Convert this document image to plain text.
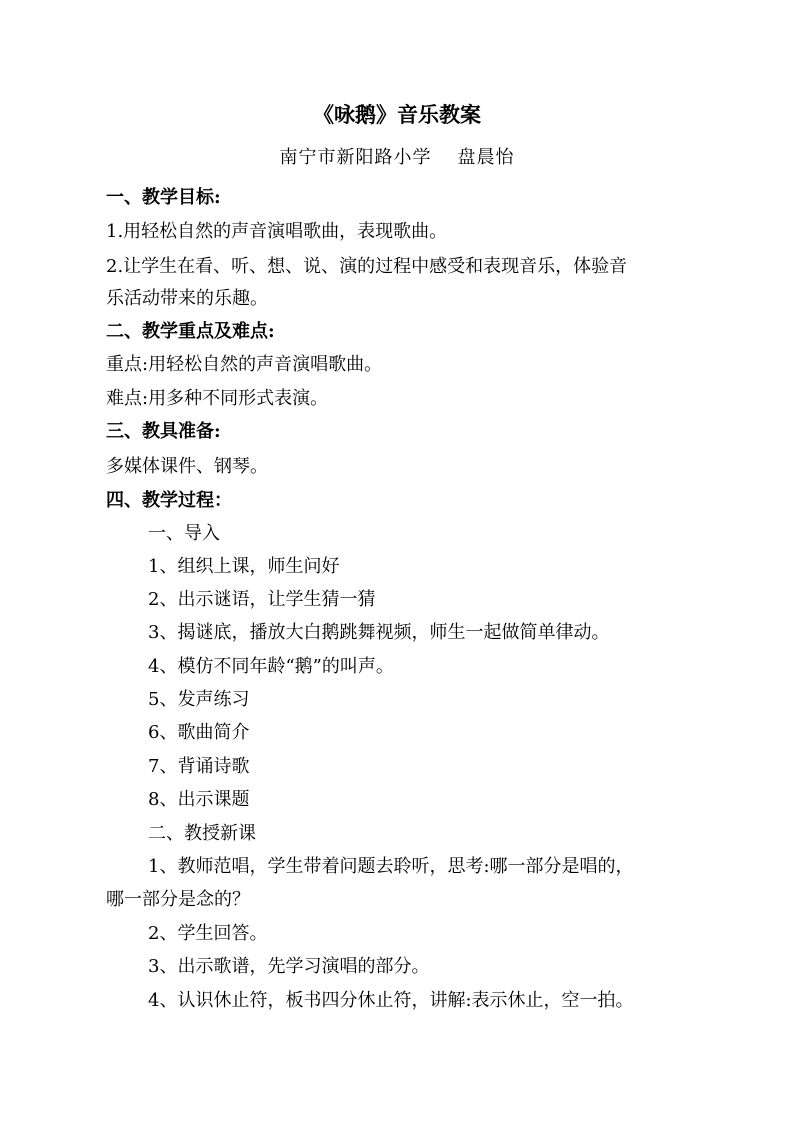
《咏鹅》音乐教案
南宁市新阳路小学 盘晨怡
一、教学目标:
1.用轻松自然的声音演唱歌曲，表现歌曲。
2.让学生在看、听、想、说、演的过程中感受和表现音乐，体验音
乐活动带来的乐趣。
二、教学重点及难点:
重点:用轻松自然的声音演唱歌曲。
难点:用多种不同形式表演。
三、教具准备:
多媒体课件、钢琴。
四、教学过程：
一、导入
1、组织上课，师生问好
2、出示谜语，让学生猜一猜
3、揭谜底，播放大白鹅跳舞视频，师生一起做简单律动。
4、模仿不同年龄“鹅”的叫声。
5、发声练习
6、歌曲简介
7、背诵诗歌
8、出示课题
二、教授新课
1、教师范唱，学生带着问题去聆听，思考:哪一部分是唱的，
哪一部分是念的？
2、学生回答。
3、出示歌谱，先学习演唱的部分。
4、认识休止符，板书四分休止符，讲解:表示休止，空一拍。
